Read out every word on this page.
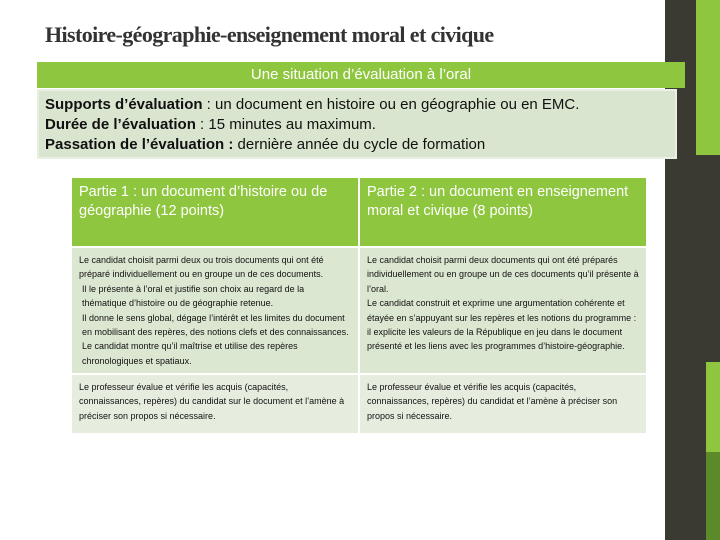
Histoire-géographie-enseignement moral et civique
Une situation d’évaluation à l’oral
Supports d’évaluation : un document en histoire ou en géographie ou en EMC.
Durée de l’évaluation : 15 minutes au maximum.
Passation de l’évaluation : dernière année du cycle de formation
Partie 1 : un document d’histoire ou de géographie (12 points)
Partie 2 : un document en enseignement moral et civique (8 points)
Le candidat choisit parmi deux ou trois documents qui ont été préparé individuellement ou en groupe un de ces documents.
Il le présente à l’oral et justifie son choix au regard de la thématique d’histoire ou de géographie retenue.
Il donne le sens global, dégage l’intérêt et les limites du document en mobilisant des repères, des notions clefs et des connaissances. Le candidat montre qu’il maîtrise et utilise des repères chronologiques et spatiaux.
Le candidat choisit parmi deux documents qui ont été préparés individuellement ou en groupe un de ces documents qu’il présente à l’oral.
Le candidat construit et exprime une argumentation cohérente et étayée en s’appuyant sur les repères et les notions du programme : il explicite les valeurs de la République en jeu dans le document présenté et les liens avec les programmes d’histoire-géographie.
Le professeur évalue et vérifie les acquis (capacités, connaissances, repères) du candidat sur le document et l’amène à préciser son propos si nécessaire.
Le professeur évalue et vérifie les acquis (capacités, connaissances, repères) du candidat et l’amène à préciser son propos si nécessaire.
